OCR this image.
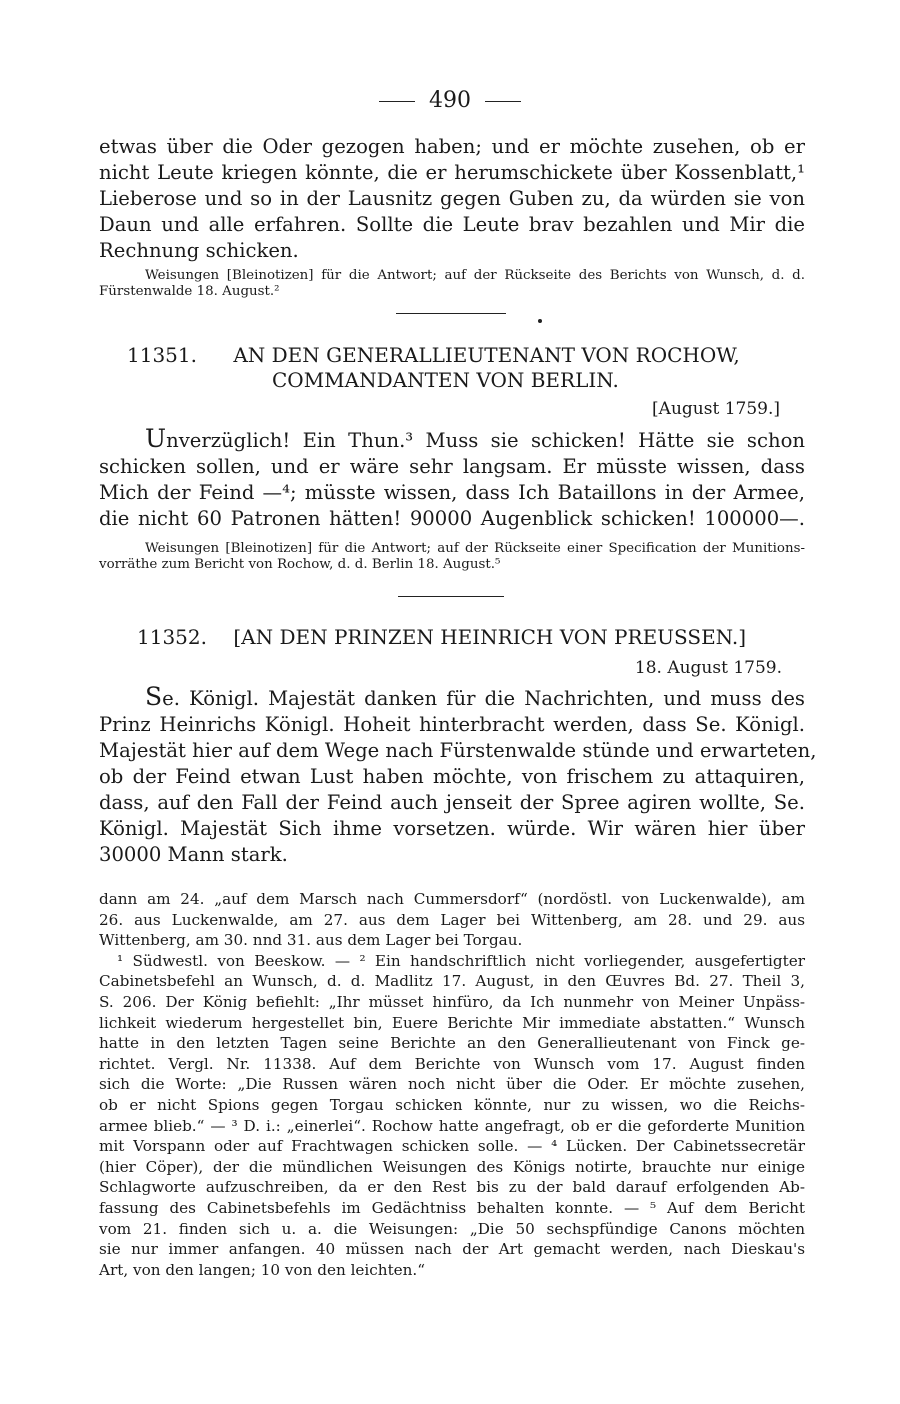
490
etwas über die Oder gezogen haben; und er möchte zusehen, ob er
nicht Leute kriegen könnte, die er herumschickete über Kossenblatt,¹
Lieberose und so in der Lausnitz gegen Guben zu, da würden sie von
Daun und alle erfahren. Sollte die Leute brav bezahlen und Mir die
Rechnung schicken.
Weisungen [Bleinotizen] für die Antwort; auf der Rückseite des Berichts von Wunsch, d. d.
Fürstenwalde 18. August.²
11351. AN DEN GENERALLIEUTENANT VON ROCHOW,
COMMANDANTEN VON BERLIN.
[August 1759.]
Unverzüglich! Ein Thun.³ Muss sie schicken! Hätte sie schon
schicken sollen, und er wäre sehr langsam. Er müsste wissen, dass
Mich der Feind —⁴; müsste wissen, dass Ich Bataillons in der Armee,
die nicht 60 Patronen hätten! 90000 Augenblick schicken! 100000—.
Weisungen [Bleinotizen] für die Antwort; auf der Rückseite einer Specification der Munitions-
vorräthe zum Bericht von Rochow, d. d. Berlin 18. August.⁵
11352. [AN DEN PRINZEN HEINRICH VON PREUSSEN.]
18. August 1759.
Se. Königl. Majestät danken für die Nachrichten, und muss des
Prinz Heinrichs Königl. Hoheit hinterbracht werden, dass Se. Königl.
Majestät hier auf dem Wege nach Fürstenwalde stünde und erwarteten,
ob der Feind etwan Lust haben möchte, von frischem zu attaquiren,
dass, auf den Fall der Feind auch jenseit der Spree agiren wollte, Se.
Königl. Majestät Sich ihme vorsetzen. würde. Wir wären hier über
30000 Mann stark.
dann am 24. „auf dem Marsch nach Cummersdorf“ (nordöstl. von Luckenwalde), am
26. aus Luckenwalde, am 27. aus dem Lager bei Wittenberg, am 28. und 29. aus
Wittenberg, am 30. nnd 31. aus dem Lager bei Torgau.
¹ Südwestl. von Beeskow. — ² Ein handschriftlich nicht vorliegender, ausgefertigter
Cabinetsbefehl an Wunsch, d. d. Madlitz 17. August, in den Œuvres Bd. 27. Theil 3,
S. 206. Der König befiehlt: „Ihr müsset hinfüro, da Ich nunmehr von Meiner Unpäss-
lichkeit wiederum hergestellet bin, Euere Berichte Mir immediate abstatten.“ Wunsch
hatte in den letzten Tagen seine Berichte an den Generallieutenant von Finck ge-
richtet. Vergl. Nr. 11338. Auf dem Berichte von Wunsch vom 17. August finden
sich die Worte: „Die Russen wären noch nicht über die Oder. Er möchte zusehen,
ob er nicht Spions gegen Torgau schicken könnte, nur zu wissen, wo die Reichs-
armee blieb.“ — ³ D. i.: „einerlei“. Rochow hatte angefragt, ob er die geforderte Munition
mit Vorspann oder auf Frachtwagen schicken solle. — ⁴ Lücken. Der Cabinetssecretär
(hier Cöper), der die mündlichen Weisungen des Königs notirte, brauchte nur einige
Schlagworte aufzuschreiben, da er den Rest bis zu der bald darauf erfolgenden Ab-
fassung des Cabinetsbefehls im Gedächtniss behalten konnte. — ⁵ Auf dem Bericht
vom 21. finden sich u. a. die Weisungen: „Die 50 sechspfündige Canons möchten
sie nur immer anfangen. 40 müssen nach der Art gemacht werden, nach Dieskau's
Art, von den langen; 10 von den leichten.“
